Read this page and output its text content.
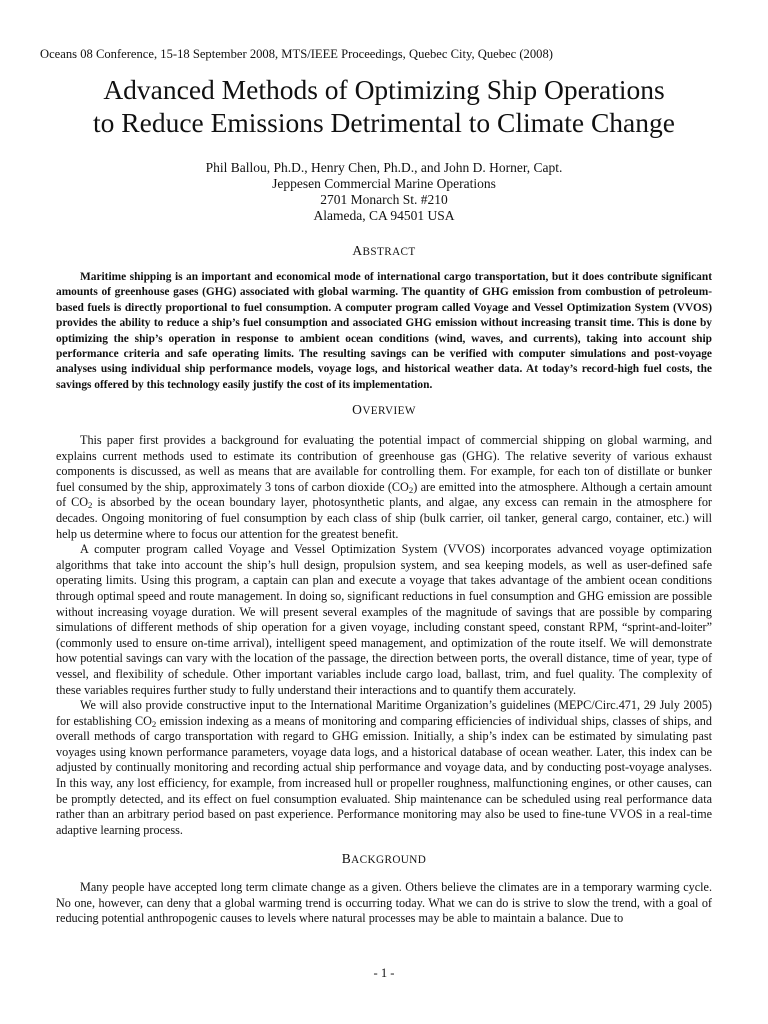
Oceans 08 Conference, 15-18 September 2008, MTS/IEEE Proceedings, Quebec City, Quebec (2008)
Advanced Methods of Optimizing Ship Operations
to Reduce Emissions Detrimental to Climate Change
Phil Ballou, Ph.D., Henry Chen, Ph.D., and John D. Horner, Capt.
Jeppesen Commercial Marine Operations
2701 Monarch St. #210
Alameda, CA 94501 USA
ABSTRACT

Maritime shipping is an important and economical mode of international cargo transportation, but it does contribute significant amounts of greenhouse gases (GHG) associated with global warming. The quantity of GHG emission from combustion of petroleum-based fuels is directly proportional to fuel consumption. A computer program called Voyage and Vessel Optimization System (VVOS) provides the ability to reduce a ship’s fuel consumption and associated GHG emission without increasing transit time. This is done by optimizing the ship’s operation in response to ambient ocean conditions (wind, waves, and currents), taking into account ship performance criteria and safe operating limits. The resulting savings can be verified with computer simulations and post-voyage analyses using individual ship performance models, voyage logs, and historical weather data. At today’s record-high fuel costs, the savings offered by this technology easily justify the cost of its implementation.

OVERVIEW

This paper first provides a background for evaluating the potential impact of commercial shipping on global warming, and explains current methods used to estimate its contribution of greenhouse gas (GHG). The relative severity of various exhaust components is discussed, as well as means that are available for controlling them. For example, for each ton of distillate or bunker fuel consumed by the ship, approximately 3 tons of carbon dioxide $(CO_2)$ are emitted into the atmosphere. Although a certain amount of $CO_2$ is absorbed by the ocean boundary layer, photosynthetic plants, and algae, any excess can remain in the atmosphere for decades. Ongoing monitoring of fuel consumption by each class of ship (bulk carrier, oil tanker, general cargo, container, etc.) will help us determine where to focus our attention for the greatest benefit.

A computer program called Voyage and Vessel Optimization System (VVOS) incorporates advanced voyage optimization algorithms that take into account the ship’s hull design, propulsion system, and sea keeping models, as well as user-defined safe operating limits. Using this program, a captain can plan and execute a voyage that takes advantage of the ambient ocean conditions through optimal speed and route management. In doing so, significant reductions in fuel consumption and GHG emission are possible without increasing voyage duration. We will present several examples of the magnitude of savings that are possible by comparing simulations of different methods of ship operation for a given voyage, including constant speed, constant RPM, “sprint-and-loiter” (commonly used to ensure on-time arrival), intelligent speed management, and optimization of the route itself. We will demonstrate how potential savings can vary with the location of the passage, the direction between ports, the overall distance, time of year, type of vessel, and flexibility of schedule. Other important variables include cargo load, ballast, trim, and fuel quality. The complexity of these variables requires further study to fully understand their interactions and to quantify them accurately.

We will also provide constructive input to the International Maritime Organization’s guidelines (MEPC/Circ.471, 29 July 2005) for establishing $CO_2$ emission indexing as a means of monitoring and comparing efficiencies of individual ships, classes of ships, and overall methods of cargo transportation with regard to GHG emission. Initially, a ship’s index can be estimated by simulating past voyages using known performance parameters, voyage data logs, and a historical database of ocean weather. Later, this index can be adjusted by continually monitoring and recording actual ship performance and voyage data, and by conducting post-voyage analyses. In this way, any lost efficiency, for example, from increased hull or propeller roughness, malfunctioning engines, or other causes, can be promptly detected, and its effect on fuel consumption evaluated. Ship maintenance can be scheduled using real performance data rather than an arbitrary period based on past experience. Performance monitoring may also be used to fine-tune VVOS in a real-time adaptive learning process.

BACKGROUND

Many people have accepted long term climate change as a given. Others believe the climates are in a temporary warming cycle. No one, however, can deny that a global warming trend is occurring today. What we can do is strive to slow the trend, with a goal of reducing potential anthropogenic causes to levels where natural processes may be able to maintain a balance. Due to

- 1 -
